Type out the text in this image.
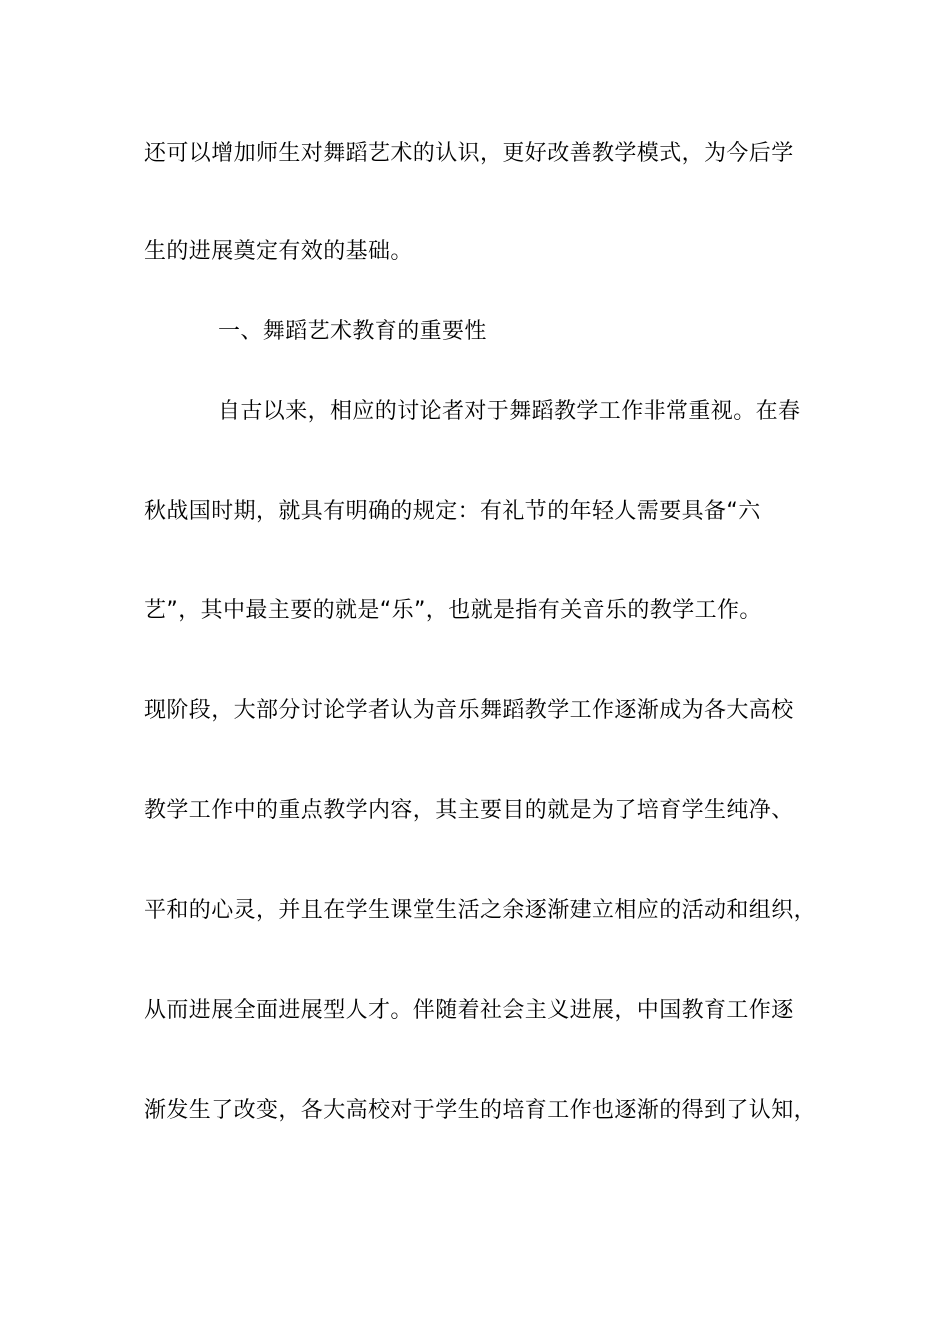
还可以增加师生对舞蹈艺术的认识，更好改善教学模式，为今后学
生的进展奠定有效的基础。
一、舞蹈艺术教育的重要性
自古以来，相应的讨论者对于舞蹈教学工作非常重视。在春
秋战国时期，就具有明确的规定：有礼节的年轻人需要具备“六
艺”，其中最主要的就是“乐”，也就是指有关音乐的教学工作。
现阶段，大部分讨论学者认为音乐舞蹈教学工作逐渐成为各大高校
教学工作中的重点教学内容，其主要目的就是为了培育学生纯净、
平和的心灵，并且在学生课堂生活之余逐渐建立相应的活动和组织，
从而进展全面进展型人才。伴随着社会主义进展，中国教育工作逐
渐发生了改变，各大高校对于学生的培育工作也逐渐的得到了认知，
